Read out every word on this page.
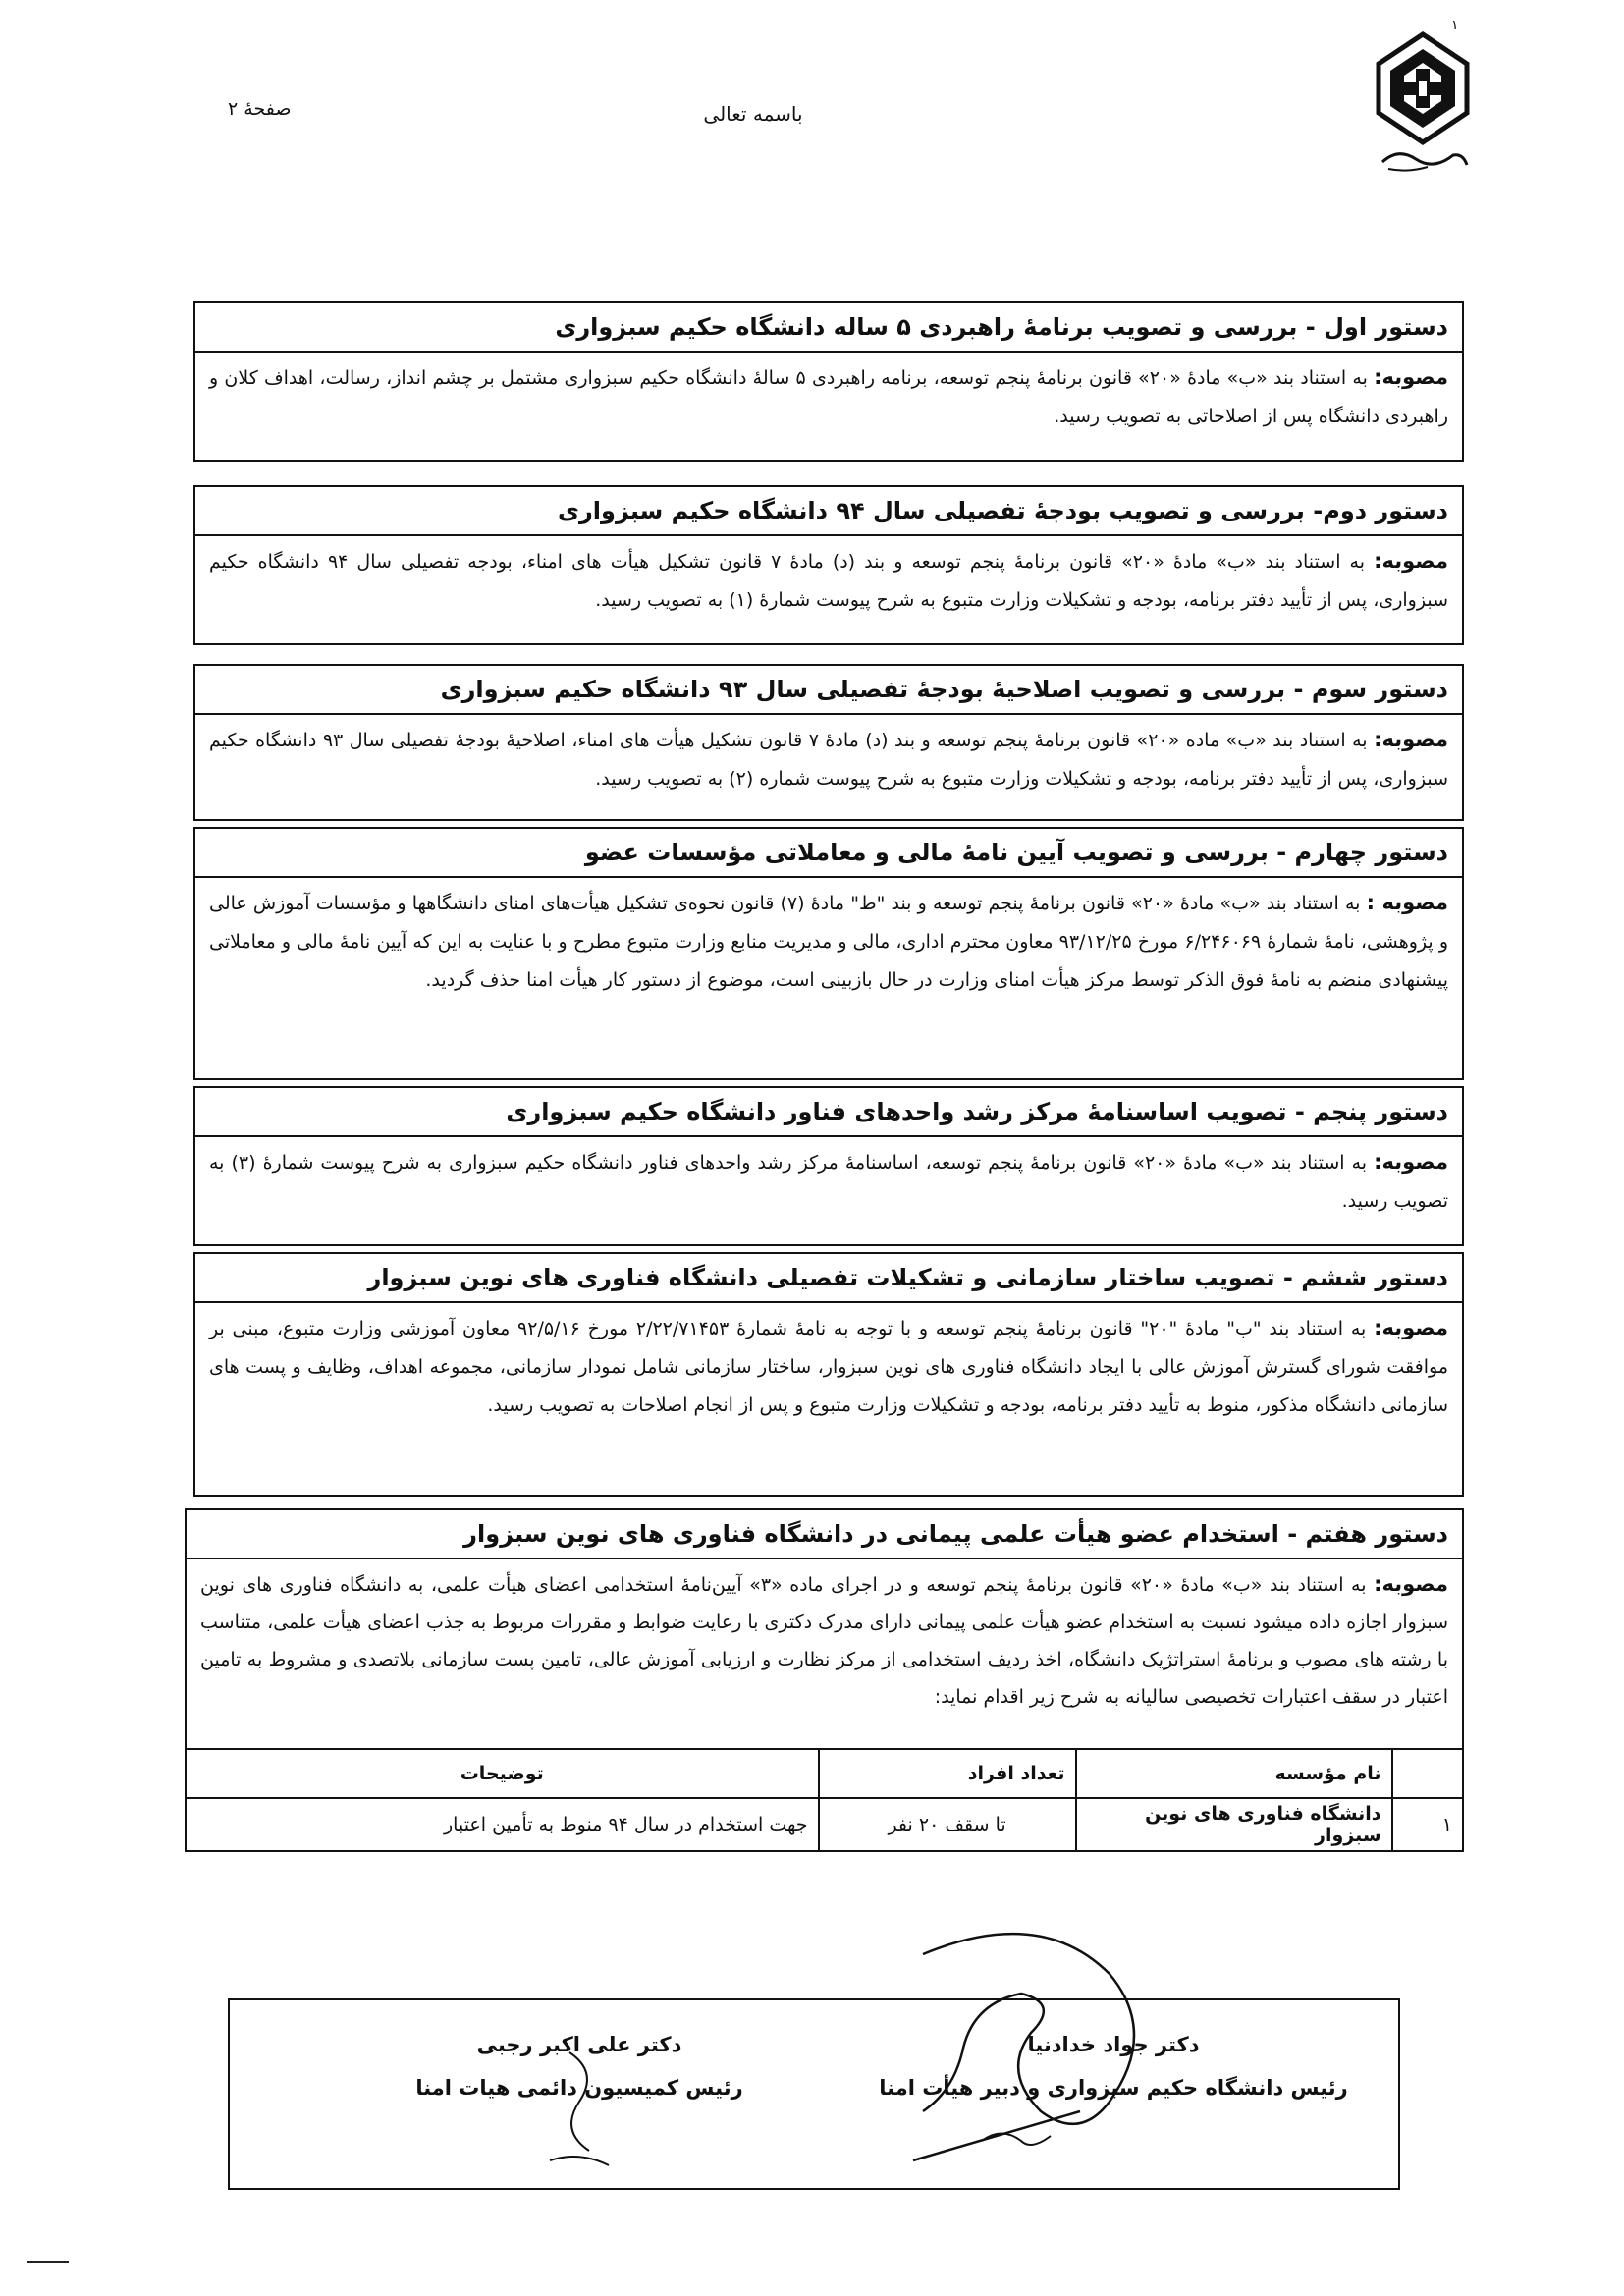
۱
صفحهٔ ۲	باسمه تعالی
دستور اول - بررسی و تصویب برنامهٔ راهبردی ۵ ساله دانشگاه حکیم سبزواری
مصوبه: به استناد بند «ب» مادهٔ «۲۰» قانون برنامهٔ پنجم توسعه، برنامه راهبردی ۵ سالهٔ دانشگاه حکیم سبزواری مشتمل بر چشم انداز، رسالت، اهداف کلان و راهبردی دانشگاه پس از اصلاحاتی به تصویب رسید.
دستور دوم- بررسی و تصویب بودجهٔ تفصیلی سال ۹۴ دانشگاه حکیم سبزواری
مصوبه: به استناد بند «ب» مادهٔ «۲۰» قانون برنامهٔ پنجم توسعه و بند (د) مادهٔ ۷ قانون تشکیل هیأت های امناء، بودجه تفصیلی سال ۹۴ دانشگاه حکیم سبزواری، پس از تأیید دفتر برنامه، بودجه و تشکیلات وزارت متبوع به شرح پیوست شمارهٔ (۱) به تصویب رسید.
دستور سوم - بررسی و تصویب اصلاحیهٔ بودجهٔ تفصیلی سال ۹۳ دانشگاه حکیم سبزواری
مصوبه: به استناد بند «ب» ماده «۲۰» قانون برنامهٔ پنجم توسعه و بند (د) مادهٔ ۷ قانون تشکیل هیأت های امناء، اصلاحیهٔ بودجهٔ تفصیلی سال ۹۳ دانشگاه حکیم سبزواری، پس از تأیید دفتر برنامه، بودجه و تشکیلات وزارت متبوع به شرح پیوست شماره (۲) به تصویب رسید.
دستور چهارم - بررسی و تصویب آیین نامهٔ مالی و معاملاتی مؤسسات عضو
مصوبه : به استناد بند «ب» مادهٔ «۲۰» قانون برنامهٔ پنجم توسعه و بند "ط" مادهٔ (۷) قانون نحوه‌ی تشکیل هیأت‌های امنای دانشگاهها و مؤسسات آموزش عالی و پژوهشی، نامهٔ شمارهٔ ۶/۲۴۶۰۶۹ مورخ ۹۳/۱۲/۲۵ معاون محترم اداری، مالی و مدیریت منابع وزارت متبوع مطرح و با عنایت به این که آیین نامهٔ مالی و معاملاتی پیشنهادی منضم به نامهٔ فوق الذکر توسط مرکز هیأت امنای وزارت در حال بازبینی است، موضوع از دستور کار هیأت امنا حذف گردید.
دستور پنجم - تصویب اساسنامهٔ مرکز رشد واحدهای فناور دانشگاه حکیم سبزواری
مصوبه: به استناد بند «ب» مادهٔ «۲۰» قانون برنامهٔ پنجم توسعه، اساسنامهٔ مرکز رشد واحدهای فناور دانشگاه حکیم سبزواری به شرح پیوست شمارهٔ (۳) به تصویب رسید.
دستور ششم - تصویب ساختار سازمانی و تشکیلات تفصیلی دانشگاه فناوری های نوین سبزوار
مصوبه: به استناد بند "ب" مادهٔ "۲۰" قانون برنامهٔ پنجم توسعه و با توجه به نامهٔ شمارهٔ ۲/۲۲/۷۱۴۵۳ مورخ ۹۲/۵/۱۶ معاون آموزشی وزارت متبوع، مبنی بر موافقت شورای گسترش آموزش عالی با ایجاد دانشگاه فناوری های نوین سبزوار، ساختار سازمانی شامل نمودار سازمانی، مجموعه اهداف، وظایف و پست های سازمانی دانشگاه مذکور، منوط به تأیید دفتر برنامه، بودجه و تشکیلات وزارت متبوع و پس از انجام اصلاحات به تصویب رسید.
دستور هفتم - استخدام عضو هیأت علمی پیمانی در دانشگاه فناوری های نوین سبزوار
مصوبه: به استناد بند «ب» مادهٔ «۲۰» قانون برنامهٔ پنجم توسعه و در اجرای ماده «۳» آیین‌نامهٔ استخدامی اعضای هیأت علمی، به دانشگاه فناوری های نوین سبزوار اجازه داده میشود نسبت به استخدام عضو هیأت علمی پیمانی دارای مدرک دکتری با رعایت ضوابط و مقررات مربوط به جذب اعضای هیأت علمی، متناسب با رشته های مصوب و برنامهٔ استراتژیک دانشگاه، اخذ ردیف استخدامی از مرکز نظارت و ارزیابی آموزش عالی، تامین پست سازمانی بلاتصدی و مشروط به تامین اعتبار در سقف اعتبارات تخصیصی سالیانه به شرح زیر اقدام نماید:
	نام مؤسسه	تعداد افراد	توضیحات
۱	دانشگاه فناوری های نوین سبزوار	تا سقف ۲۰ نفر	جهت استخدام در سال ۹۴ منوط به تأمین اعتبار
دکتر جواد خدادنیا
رئیس دانشگاه حکیم سبزواری و دبیر هیأت امنا
دکتر علی اکبر رجبی
رئیس کمیسیون دائمی هیات امنا
